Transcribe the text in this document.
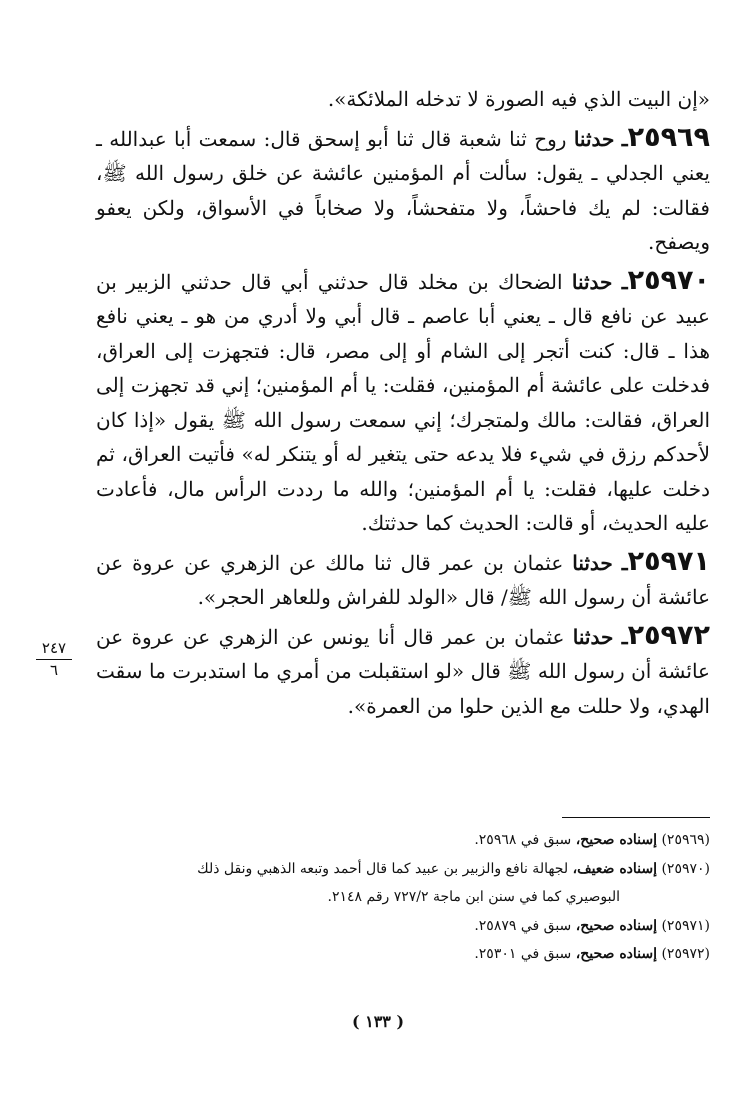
«إن البيت الذي فيه الصورة لا تدخله الملائكة».

٢٥٩٦٩ـ حدثنا روح ثنا شعبة قال ثنا أبو إسحق قال: سمعت أبا عبدالله ـ يعني الجدلي ـ يقول: سألت أم المؤمنين عائشة عن خلق رسول الله ﷺ، فقالت: لم يك فاحشاً، ولا متفحشاً، ولا صخاباً في الأسواق، ولكن يعفو ويصفح.

٢٥٩٧٠ـ حدثنا الضحاك بن مخلد قال حدثني أبي قال حدثني الزبير بن عبيد عن نافع قال ـ يعني أبا عاصم ـ قال أبي ولا أدري من هو ـ يعني نافع هذا ـ قال: كنت أتجر إلى الشام أو إلى مصر، قال: فتجهزت إلى العراق، فدخلت على عائشة أم المؤمنين، فقلت: يا أم المؤمنين؛ إني قد تجهزت إلى العراق، فقالت: مالك ولمتجرك؛ إني سمعت رسول الله ﷺ يقول «إذا كان لأحدكم رزق في شيء فلا يدعه حتى يتغير له أو يتنكر له» فأتيت العراق، ثم دخلت عليها، فقلت: يا أم المؤمنين؛ والله ما رددت الرأس مال، فأعادت عليه الحديث، أو قالت: الحديث كما حدثتك.

٢٥٩٧١ـ حدثنا عثمان بن عمر قال ثنا مالك عن الزهري عن عروة عن عائشة أن رسول الله ﷺ/ قال «الولد للفراش وللعاهر الحجر».

٢٥٩٧٢ـ حدثنا عثمان بن عمر قال أنا يونس عن الزهري عن عروة عن عائشة أن رسول الله ﷺ قال «لو استقبلت من أمري ما استدبرت ما سقت الهدي، ولا حللت مع الذين حلوا من العمرة».

٢٤٧
٦

(٢٥٩٦٩) إسناده صحيح، سبق في ٢٥٩٦٨.

(٢٥٩٧٠) إسناده ضعيف، لجهالة نافع والزبير بن عبيد كما قال أحمد وتبعه الذهبي ونقل ذلك

البوصيري كما في سنن ابن ماجة ٧٢٧/٢ رقم ٢١٤٨.

(٢٥٩٧١) إسناده صحيح، سبق في ٢٥٨٧٩.

(٢٥٩٧٢) إسناده صحيح، سبق في ٢٥٣٠١.

( ١٣٣ )
